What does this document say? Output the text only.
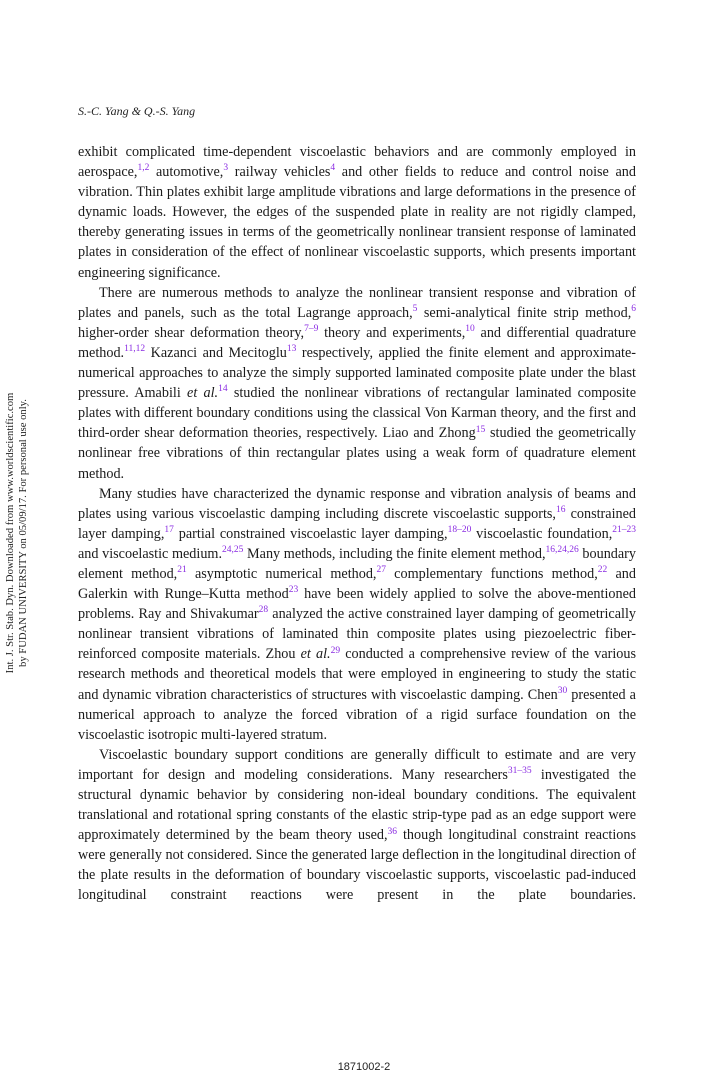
S.-C. Yang & Q.-S. Yang
Int. J. Str. Stab. Dyn. Downloaded from www.worldscientific.com by FUDAN UNIVERSITY on 05/09/17. For personal use only.

exhibit complicated time-dependent viscoelastic behaviors and are commonly employed in aerospace,$^{1,2}$ automotive,$^3$ railway vehicles$^4$ and other fields to reduce and control noise and vibration. Thin plates exhibit large amplitude vibrations and large deformations in the presence of dynamic loads. However, the edges of the suspended plate in reality are not rigidly clamped, thereby generating issues in terms of the geometrically nonlinear transient response of laminated plates in consideration of the effect of nonlinear viscoelastic supports, which presents important engineering significance.

There are numerous methods to analyze the nonlinear transient response and vibration of plates and panels, such as the total Lagrange approach,$^5$ semi-analytical finite strip method,$^6$ higher-order shear deformation theory,$^{7-9}$ theory and experiments,$^{10}$ and differential quadrature method.$^{11,12}$ Kazanci and Mecitoglu$^{13}$ respectively, applied the finite element and approximate-numerical approaches to analyze the simply supported laminated composite plate under the blast pressure. Amabili et al.$^{14}$ studied the nonlinear vibrations of rectangular laminated composite plates with different boundary conditions using the classical Von Karman theory, and the first and third-order shear deformation theories, respectively. Liao and Zhong$^{15}$ studied the geometrically nonlinear free vibrations of thin rectangular plates using a weak form of quadrature element method.

Many studies have characterized the dynamic response and vibration analysis of beams and plates using various viscoelastic damping including discrete viscoelastic supports,$^{16}$ constrained layer damping,$^{17}$ partial constrained viscoelastic layer damping,$^{18-20}$ viscoelastic foundation,$^{21-23}$ and viscoelastic medium.$^{24,25}$ Many methods, including the finite element method,$^{16,24,26}$ boundary element method,$^{21}$ asymptotic numerical method,$^{27}$ complementary functions method,$^{22}$ and Galerkin with Runge–Kutta method$^{23}$ have been widely applied to solve the above-mentioned problems. Ray and Shivakumar$^{28}$ analyzed the active constrained layer damping of geometrically nonlinear transient vibrations of laminated thin composite plates using piezoelectric fiber-reinforced composite materials. Zhou et al.$^{29}$ conducted a comprehensive review of the various research methods and theoretical models that were employed in engineering to study the static and dynamic vibration characteristics of structures with viscoelastic damping. Chen$^{30}$ presented a numerical approach to analyze the forced vibration of a rigid surface foundation on the viscoelastic isotropic multi-layered stratum.

Viscoelastic boundary support conditions are generally difficult to estimate and are very important for design and modeling considerations. Many researchers$^{31-35}$ investigated the structural dynamic behavior by considering non-ideal boundary conditions. The equivalent translational and rotational spring constants of the elastic strip-type pad as an edge support were approximately determined by the beam theory used,$^{36}$ though longitudinal constraint reactions were generally not considered. Since the generated large deflection in the longitudinal direction of the plate results in the deformation of boundary viscoelastic supports, viscoelastic pad-induced longitudinal constraint reactions were present in the plate boundaries.

1871002-2
